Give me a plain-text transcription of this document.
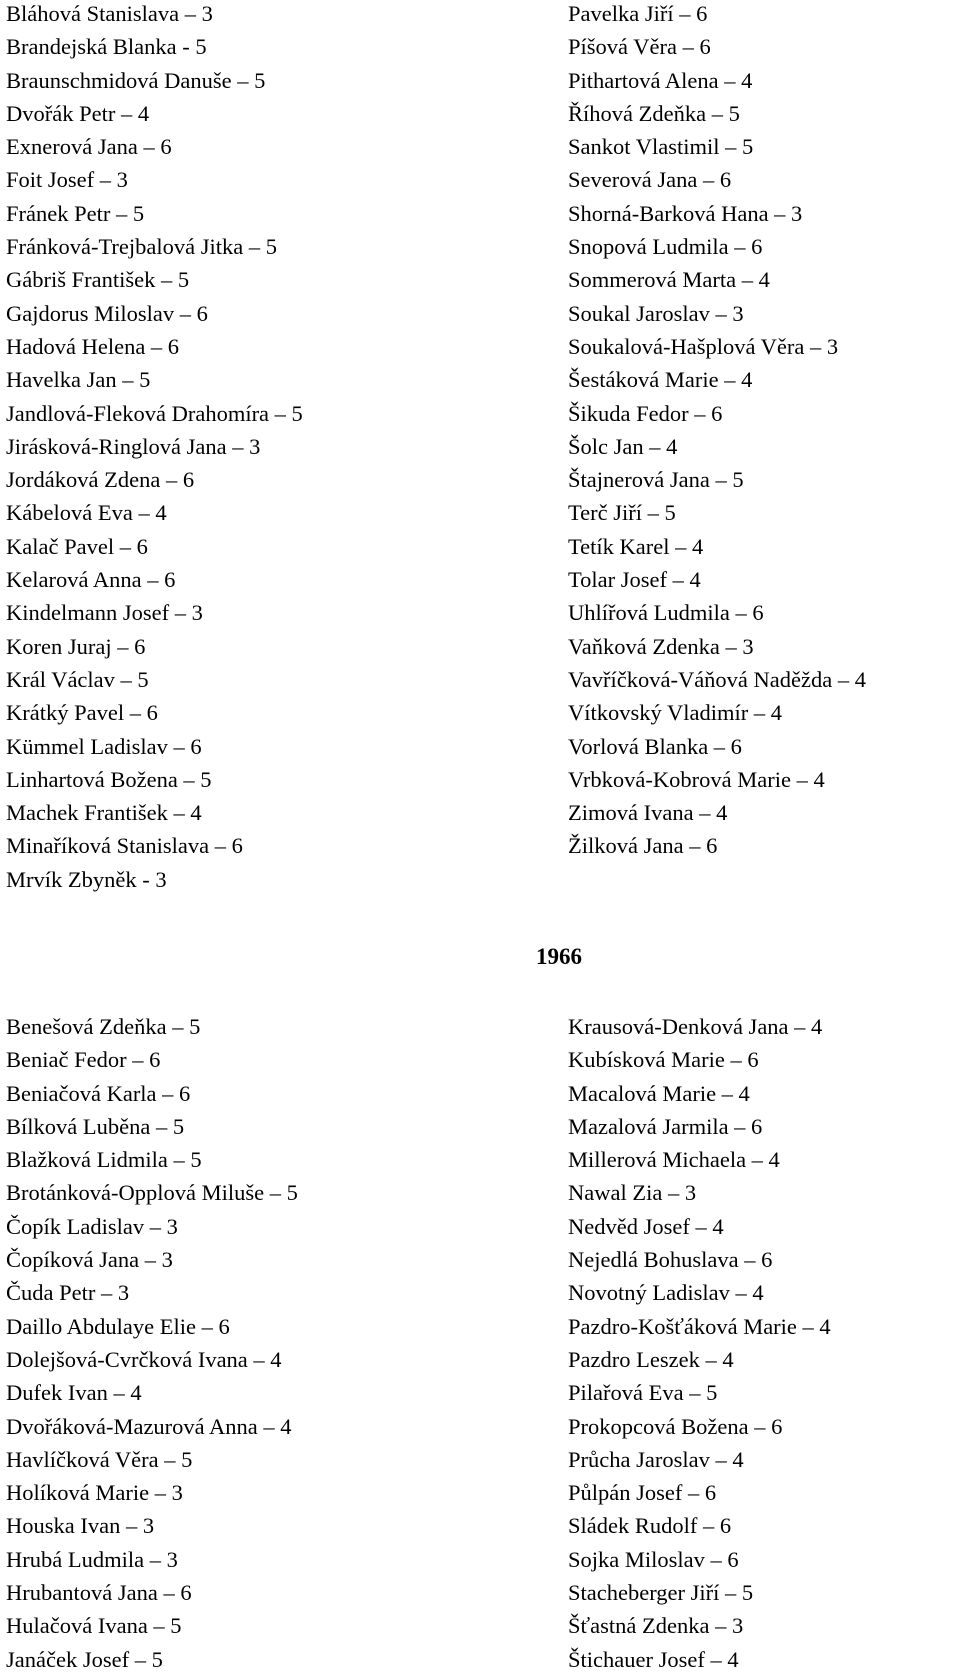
Bláhová Stanislava – 3
Brandejská Blanka - 5
Braunschmidová Danuše – 5
Dvořák Petr – 4
Exnerová Jana – 6
Foit Josef – 3
Fránek Petr – 5
Fránková-Trejbalová Jitka – 5
Gábriš František – 5
Gajdorus Miloslav – 6
Hadová Helena – 6
Havelka Jan – 5
Jandlová-Fleková Drahomíra – 5
Jirásková-Ringlová Jana – 3
Jordáková Zdena – 6
Kábelová Eva – 4
Kalač Pavel – 6
Kelarová Anna – 6
Kindelmann Josef – 3
Koren Juraj – 6
Král Václav – 5
Krátký Pavel – 6
Kümmel Ladislav – 6
Linhartová Božena – 5
Machek František – 4
Minaříková Stanislava – 6
Mrvík Zbyněk - 3
Pavelka Jiří – 6
Píšová Věra – 6
Pithartová Alena – 4
Říhová Zdeňka – 5
Sankot Vlastimil – 5
Severová Jana – 6
Shorná-Barková Hana – 3
Snopová Ludmila – 6
Sommerová Marta – 4
Soukal Jaroslav – 3
Soukalová-Hašplová Věra – 3
Šestáková Marie – 4
Šikuda Fedor – 6
Šolc Jan – 4
Štajnerová Jana – 5
Terč Jiří – 5
Tetík Karel – 4
Tolar Josef – 4
Uhlířová Ludmila – 6
Vaňková Zdenka – 3
Vavříčková-Váňová Naděžda – 4
Vítkovský Vladimír – 4
Vorlová Blanka – 6
Vrbková-Kobrová Marie – 4
Zimová Ivana – 4
Žilková Jana – 6
1966
Benešová Zdeňka – 5
Beniač Fedor – 6
Beniačová Karla – 6
Bílková Luběna – 5
Blažková Lidmila – 5
Brotánková-Opplová Miluše – 5
Čopík Ladislav – 3
Čopíková Jana – 3
Čuda Petr – 3
Daillo Abdulaye Elie – 6
Dolejšová-Cvrčková Ivana – 4
Dufek Ivan – 4
Dvořáková-Mazurová Anna – 4
Havlíčková Věra – 5
Holíková Marie – 3
Houska Ivan – 3
Hrubá Ludmila – 3
Hrubantová Jana – 6
Hulačová Ivana – 5
Janáček Josef – 5
Krausová-Denková Jana – 4
Kubísková Marie – 6
Macalová Marie – 4
Mazalová Jarmila – 6
Millerová Michaela – 4
Nawal Zia – 3
Nedvěd Josef – 4
Nejedlá Bohuslava – 6
Novotný Ladislav – 4
Pazdro-Košťáková Marie – 4
Pazdro Leszek – 4
Pilařová Eva – 5
Prokopcová Božena – 6
Průcha Jaroslav – 4
Půlpán Josef – 6
Sládek Rudolf – 6
Sojka Miloslav – 6
Stacheberger Jiří – 5
Šťastná Zdenka – 3
Štichauer Josef – 4
